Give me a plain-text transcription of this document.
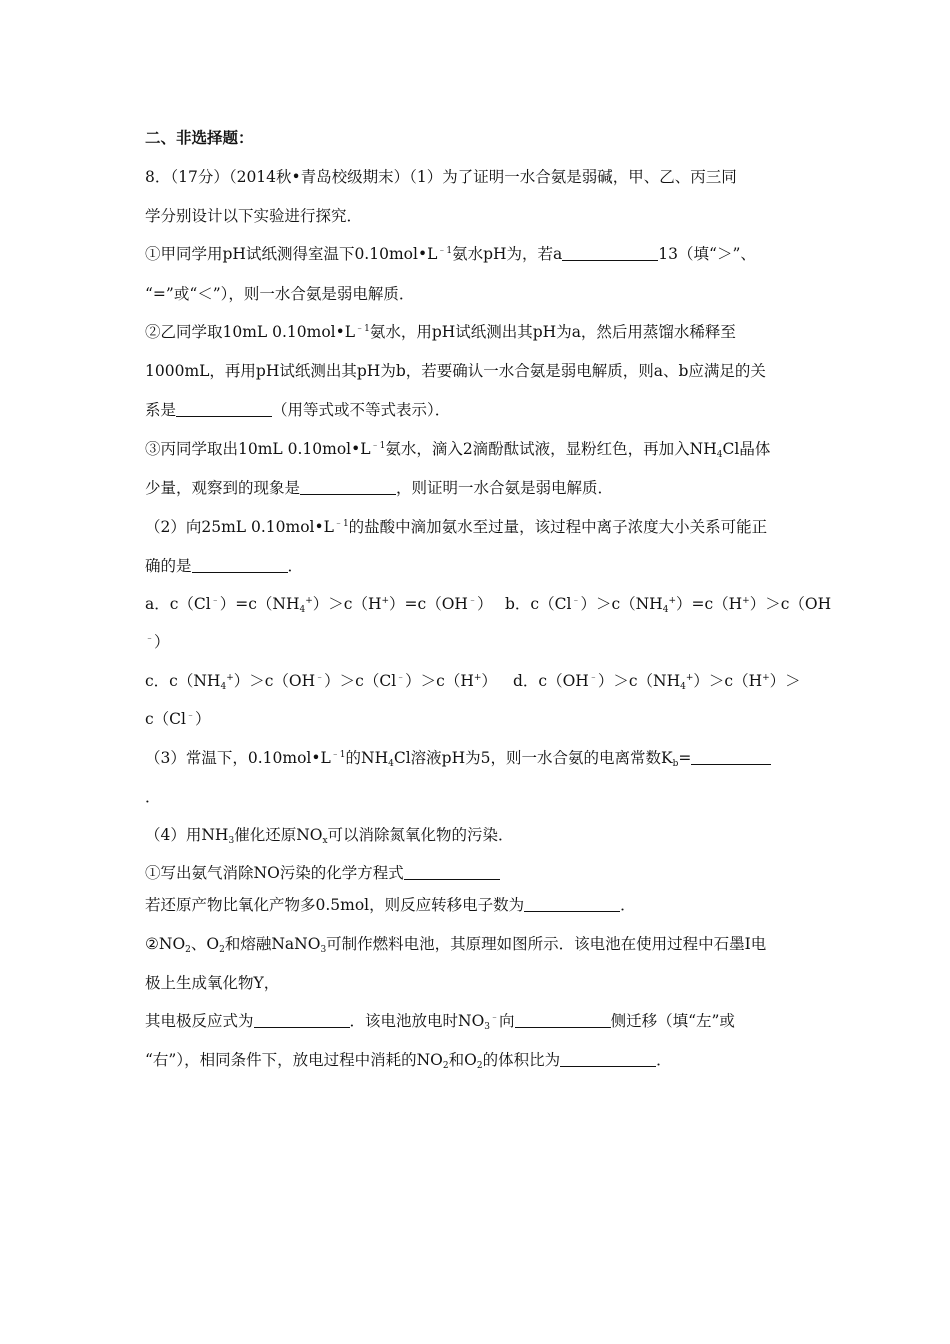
二、非选择题：
8．（17分）（2014秋•青岛校级期末）（1）为了证明一水合氨是弱碱，甲、乙、丙三同
学分别设计以下实验进行探究．
①甲同学用pH试纸测得室温下$0.10mol•L^{﹣1}$氨水pH为，若a	13（填“＞”、
“=”或“＜”），则一水合氨是弱电解质．
②乙同学取10mL $0.10mol•L^{﹣1}$氨水，用pH试纸测出其pH为a，然后用蒸馏水稀释至
1000mL，再用pH试纸测出其pH为b，若要确认一水合氨是弱电解质，则a、b应满足的关
系是	（用等式或不等式表示）．
③丙同学取出10mL $0.10mol•L^{﹣1}$氨水，滴入2滴酚酞试液，显粉红色，再加入$NH_4Cl$晶体
少量，观察到的现象是	，则证明一水合氨是弱电解质．
（2）向25mL $0.10mol•L^{﹣1}$的盐酸中滴加氨水至过量，该过程中离子浓度大小关系可能正
确的是	．
a．$c(Cl^﹣)=c(NH_4^+)>c(H^+)=c(OH^﹣)$ b．$c(Cl^﹣)>c(NH_4^+)=c(H^+)>c(OH$
﹣）
c．$c(NH_4^+)>c(OH^﹣)>c(Cl^﹣)>c(H^+)$ d．$c(OH^﹣)>c(NH_4^+)>c(H^+)>$
c（Cl﹣）
（3）常温下，$0.10mol•L^{﹣1}$的$NH_4Cl$溶液pH为5，则一水合氨的电离常数$K_b=$
．
（4）用$NH_3$催化还原$NO_x$可以消除氮氧化物的污染．
①写出氨气消除NO污染的化学方程式
若还原产物比氧化产物多0.5mol，则反应转移电子数为	．
$②NO_2$、$O_2$和熔融NaNO$_3$可制作燃料电池，其原理如图所示．该电池在使用过程中石墨Ⅰ电
极上生成氧化物Y，
其电极反应式为	．该电池放电时$NO_3^﹣$向	侧迁移（填“左”或
“右”），相同条件下，放电过程中消耗的$NO_2$和$O_2$的体积比为	．
